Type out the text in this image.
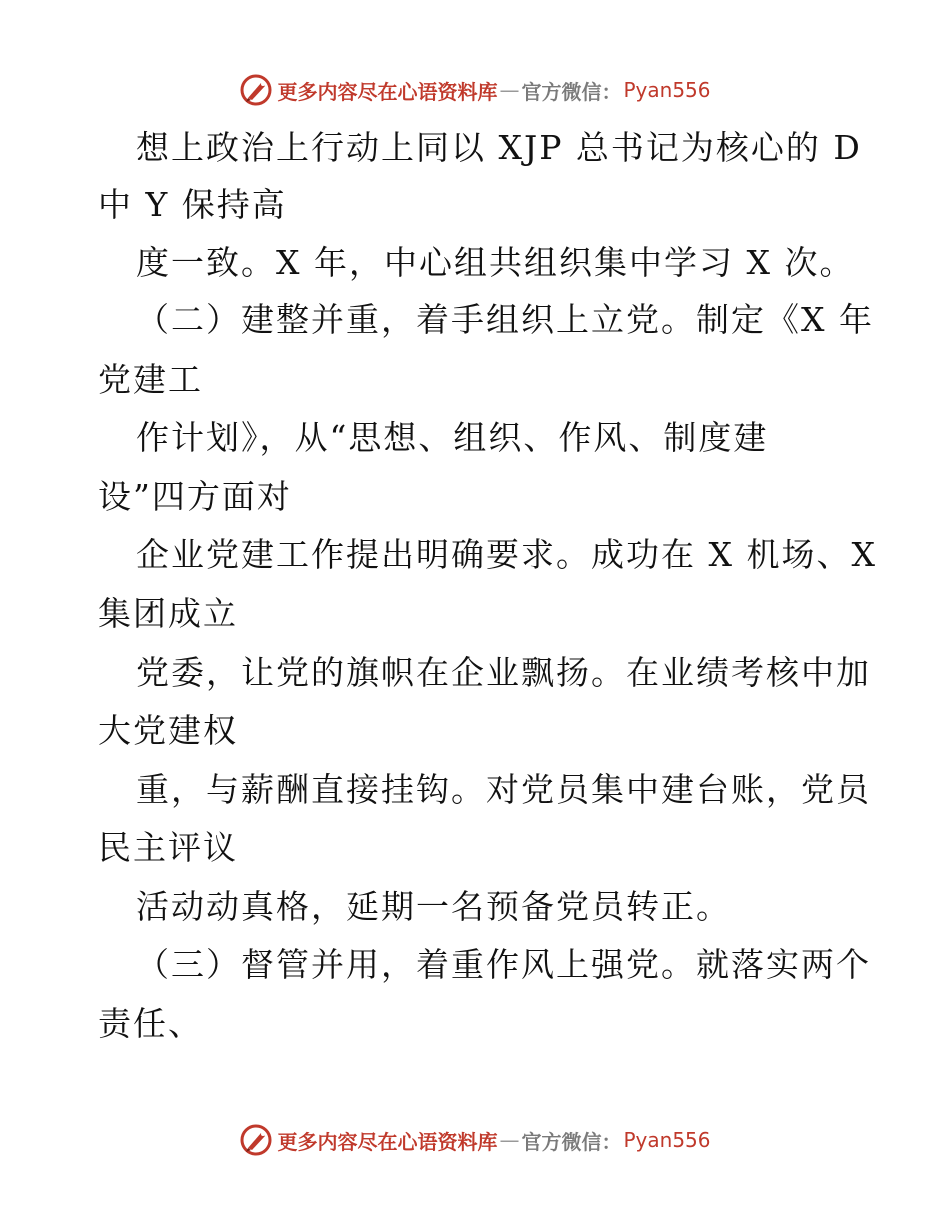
更多内容尽在心语资料库 — 官方微信： Pyan556
想上政治上行动上同以 XJP 总书记为核心的 D
中 Y 保持高
度一致。X 年，中心组共组织集中学习 X 次。
（二）建整并重，着手组织上立党。制定《X 年
党建工
作计划》，从“思想、组织、作风、制度建
设”四方面对
企业党建工作提出明确要求。成功在 X 机场、X
集团成立
党委，让党的旗帜在企业飘扬。在业绩考核中加
大党建权
重，与薪酬直接挂钩。对党员集中建台账，党员
民主评议
活动动真格，延期一名预备党员转正。
（三）督管并用，着重作风上强党。就落实两个
责任、
更多内容尽在心语资料库 — 官方微信： Pyan556
